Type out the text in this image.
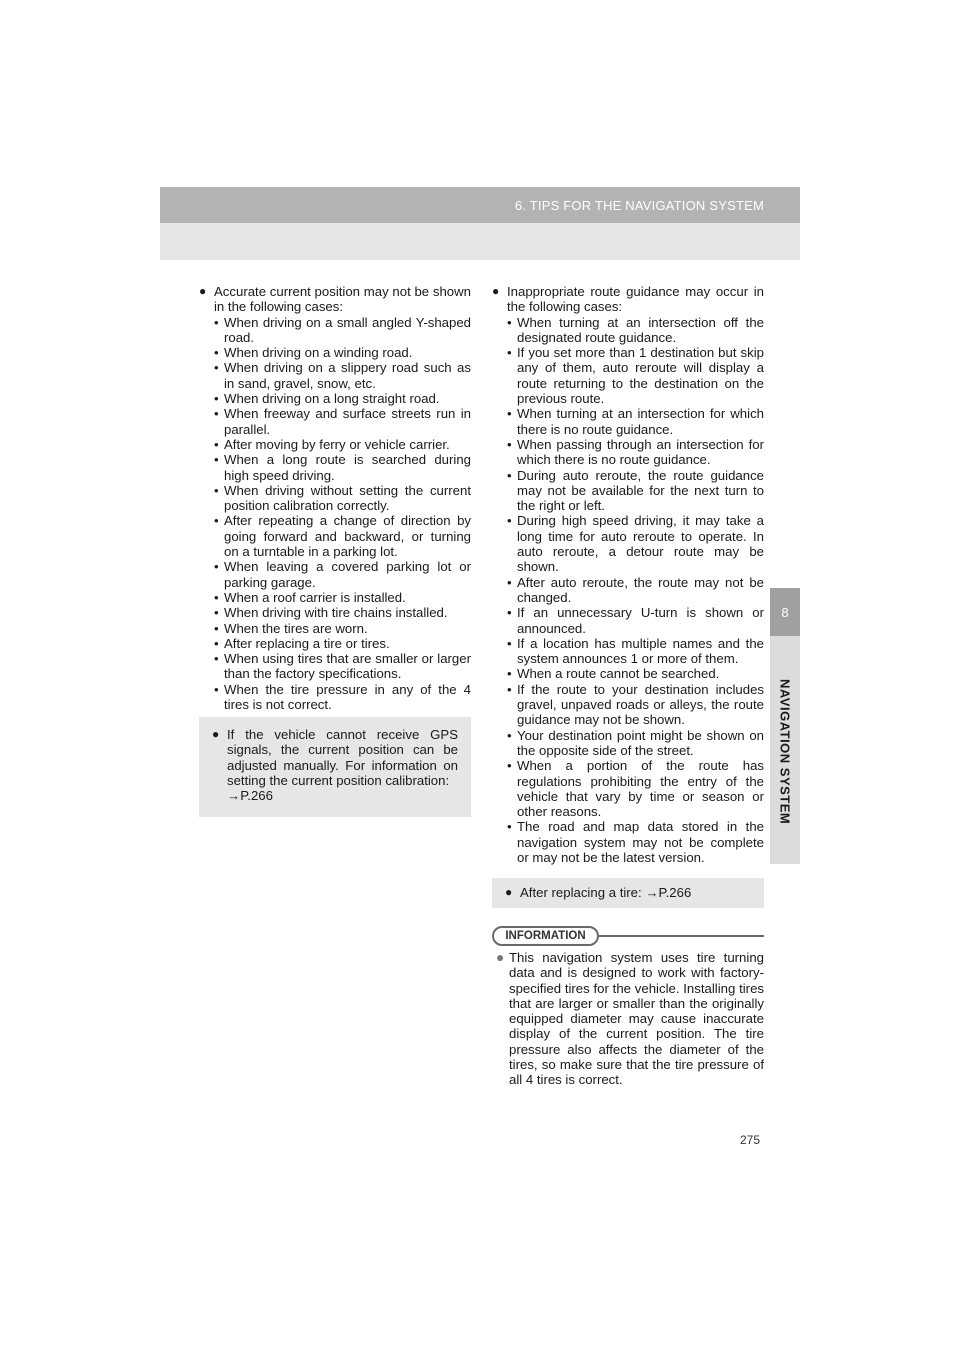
6. TIPS FOR THE NAVIGATION SYSTEM
8
NAVIGATION SYSTEM
● Accurate current position may not be shown in the following cases:
• When driving on a small angled Y-shaped road.
• When driving on a winding road.
• When driving on a slippery road such as in sand, gravel, snow, etc.
• When driving on a long straight road.
• When freeway and surface streets run in parallel.
• After moving by ferry or vehicle carrier.
• When a long route is searched during high speed driving.
• When driving without setting the current position calibration correctly.
• After repeating a change of direction by going forward and backward, or turning on a turntable in a parking lot.
• When leaving a covered parking lot or parking garage.
• When a roof carrier is installed.
• When driving with tire chains installed.
• When the tires are worn.
• After replacing a tire or tires.
• When using tires that are smaller or larger than the factory specifications.
• When the tire pressure in any of the 4 tires is not correct.
● If the vehicle cannot receive GPS signals, the current position can be adjusted manually. For information on setting the current position calibration:
→P.266
● Inappropriate route guidance may occur in the following cases:
• When turning at an intersection off the designated route guidance.
• If you set more than 1 destination but skip any of them, auto reroute will display a route returning to the destination on the previous route.
• When turning at an intersection for which there is no route guidance.
• When passing through an intersection for which there is no route guidance.
• During auto reroute, the route guidance may not be available for the next turn to the right or left.
• During high speed driving, it may take a long time for auto reroute to operate. In auto reroute, a detour route may be shown.
• After auto reroute, the route may not be changed.
• If an unnecessary U-turn is shown or announced.
• If a location has multiple names and the system announces 1 or more of them.
• When a route cannot be searched.
• If the route to your destination includes gravel, unpaved roads or alleys, the route guidance may not be shown.
• Your destination point might be shown on the opposite side of the street.
• When a portion of the route has regulations prohibiting the entry of the vehicle that vary by time or season or other reasons.
• The road and map data stored in the navigation system may not be complete or may not be the latest version.
● After replacing a tire: →P.266
INFORMATION
● This navigation system uses tire turning data and is designed to work with factory-specified tires for the vehicle. Installing tires that are larger or smaller than the originally equipped diameter may cause inaccurate display of the current position. The tire pressure also affects the diameter of the tires, so make sure that the tire pressure of all 4 tires is correct.
275
